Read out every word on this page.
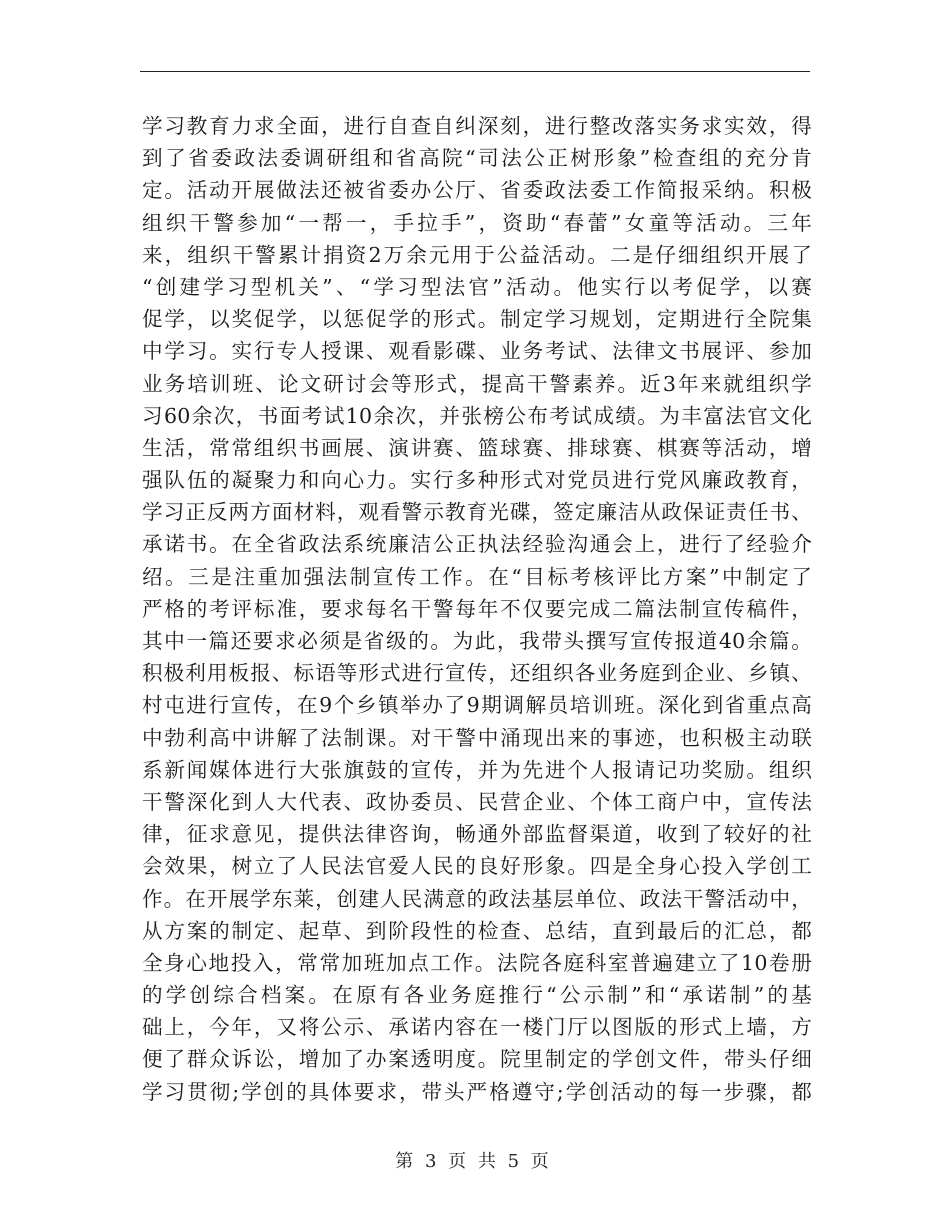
学习教育力求全面，进行自查自纠深刻，进行整改落实务求实效，得
到了省委政法委调研组和省高院“司法公正树形象”检查组的充分肯
定。活动开展做法还被省委办公厅、省委政法委工作简报采纳。积极
组织干警参加“一帮一，手拉手”，资助“春蕾”女童等活动。三年
来，组织干警累计捐资2万余元用于公益活动。二是仔细组织开展了
“创建学习型机关”、“学习型法官”活动。他实行以考促学，以赛
促学，以奖促学，以惩促学的形式。制定学习规划，定期进行全院集
中学习。实行专人授课、观看影碟、业务考试、法律文书展评、参加
业务培训班、论文研讨会等形式，提高干警素养。近3年来就组织学
习60余次，书面考试10余次，并张榜公布考试成绩。为丰富法官文化
生活，常常组织书画展、演讲赛、篮球赛、排球赛、棋赛等活动，增
强队伍的凝聚力和向心力。实行多种形式对党员进行党风廉政教育，
学习正反两方面材料，观看警示教育光碟，签定廉洁从政保证责任书、
承诺书。在全省政法系统廉洁公正执法经验沟通会上，进行了经验介
绍。三是注重加强法制宣传工作。在“目标考核评比方案”中制定了
严格的考评标准，要求每名干警每年不仅要完成二篇法制宣传稿件，
其中一篇还要求必须是省级的。为此，我带头撰写宣传报道40余篇。
积极利用板报、标语等形式进行宣传，还组织各业务庭到企业、乡镇、
村屯进行宣传，在9个乡镇举办了9期调解员培训班。深化到省重点高
中勃利高中讲解了法制课。对干警中涌现出来的事迹，也积极主动联
系新闻媒体进行大张旗鼓的宣传，并为先进个人报请记功奖励。组织
干警深化到人大代表、政协委员、民营企业、个体工商户中，宣传法
律，征求意见，提供法律咨询，畅通外部监督渠道，收到了较好的社
会效果，树立了人民法官爱人民的良好形象。四是全身心投入学创工
作。在开展学东莱，创建人民满意的政法基层单位、政法干警活动中，
从方案的制定、起草、到阶段性的检查、总结，直到最后的汇总，都
全身心地投入，常常加班加点工作。法院各庭科室普遍建立了10卷册
的学创综合档案。在原有各业务庭推行“公示制”和“承诺制”的基
础上，今年，又将公示、承诺内容在一楼门厅以图版的形式上墙，方
便了群众诉讼，增加了办案透明度。院里制定的学创文件，带头仔细
学习贯彻;学创的具体要求，带头严格遵守;学创活动的每一步骤，都
第 3 页 共 5 页
